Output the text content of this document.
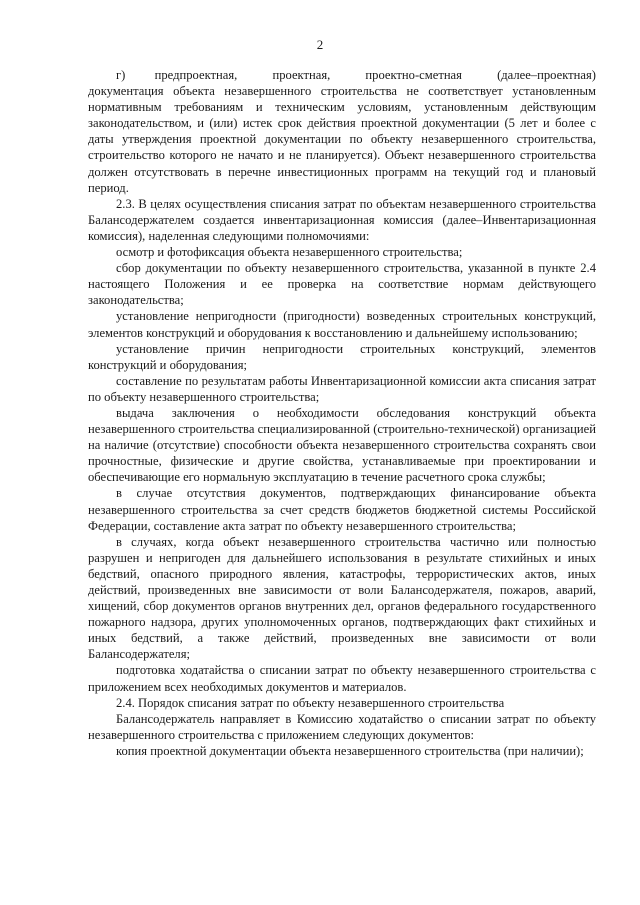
2

г)     предпроектная,      проектная,      проектно-сметная      (далее–проектная) документация объекта незавершенного строительства не соответствует установленным нормативным требованиям и техническим условиям, установленным действующим законодательством, и (или) истек срок действия проектной документации (5 лет и более с даты утверждения проектной документации по объекту незавершенного строительства, строительство которого не начато и не планируется). Объект незавершенного строительства должен отсутствовать в перечне инвестиционных программ на текущий год и плановый период.

2.3. В целях осуществления списания затрат по объектам незавершенного строительства Балансодержателем создается инвентаризационная комиссия (далее–Инвентаризационная комиссия), наделенная следующими полномочиями:

осмотр и фотофиксация объекта незавершенного строительства;

сбор документации по объекту незавершенного строительства, указанной в пункте 2.4 настоящего Положения и ее проверка на соответствие нормам действующего законодательства;

установление непригодности (пригодности) возведенных строительных конструкций, элементов конструкций и оборудования к восстановлению и дальнейшему использованию;

установление причин непригодности строительных конструкций, элементов конструкций и оборудования;

составление по результатам работы Инвентаризационной комиссии акта списания затрат по объекту незавершенного строительства;

выдача заключения о необходимости обследования конструкций объекта незавершенного строительства специализированной (строительно-технической) организацией на наличие (отсутствие) способности объекта незавершенного строительства сохранять свои прочностные, физические и другие свойства, устанавливаемые при проектировании и обеспечивающие его нормальную эксплуатацию в течение расчетного срока службы;

в случае отсутствия документов, подтверждающих финансирование объекта незавершенного строительства за счет средств бюджетов бюджетной системы Российской Федерации, составление акта затрат по объекту незавершенного строительства;

в случаях, когда объект незавершенного строительства частично или полностью разрушен и непригоден для дальнейшего использования в результате стихийных и иных бедствий, опасного природного явления, катастрофы, террористических актов, иных действий, произведенных вне зависимости от воли Балансодержателя, пожаров, аварий, хищений, сбор документов органов внутренних дел, органов федерального государственного пожарного надзора, других уполномоченных органов, подтверждающих факт стихийных и иных бедствий, а также действий, произведенных вне зависимости от воли Балансодержателя;

подготовка ходатайства о списании затрат по объекту незавершенного строительства с приложением всех необходимых документов и материалов.

2.4. Порядок списания затрат по объекту незавершенного строительства

Балансодержатель направляет в Комиссию ходатайство о списании затрат по объекту незавершенного строительства с приложением следующих документов:

копия проектной документации объекта незавершенного строительства (при наличии);
